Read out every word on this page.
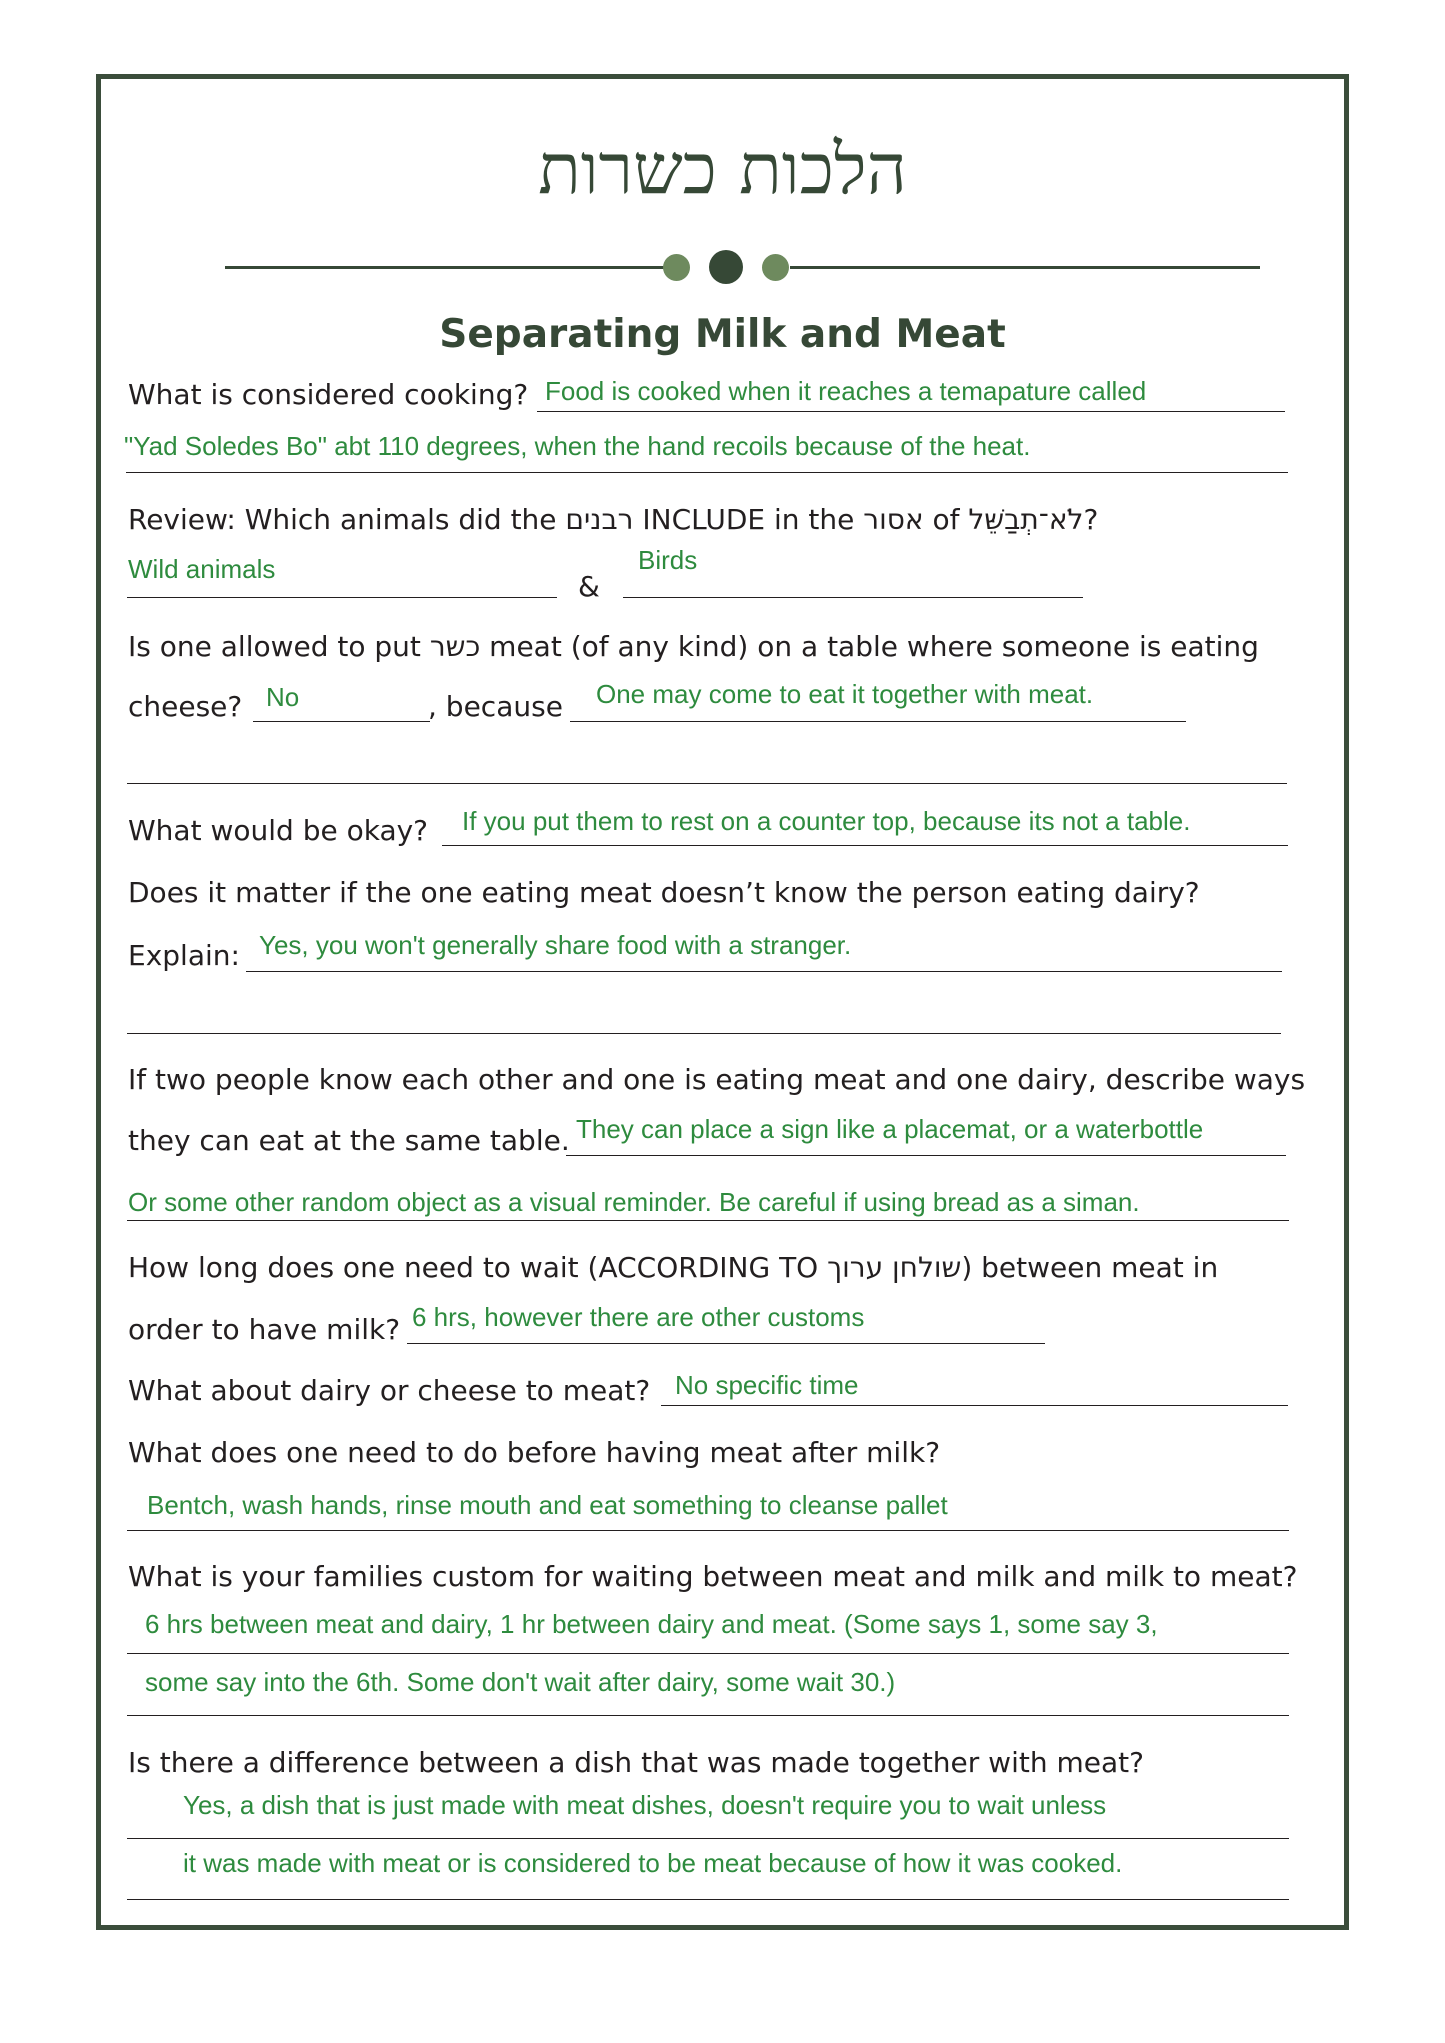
הלכות כשרות
Separating Milk and Meat
What is considered cooking? Food is cooked when it reaches a temapature called
"Yad Soledes Bo" abt 110 degrees, when the hand recoils because of the heat.
Review: Which animals did the רבנים INCLUDE in the אסור of לֹא־תְבַשֵּׁל?
Wild animals
&
Birds
Is one allowed to put כשר meat (of any kind) on a table where someone is eating
cheese? No	, because One may come to eat it together with meat.
What would be okay? If you put them to rest on a counter top, because its not a table.
Does it matter if the one eating meat doesn’t know the person eating dairy?
Explain: Yes, you won't generally share food with a stranger.
If two people know each other and one is eating meat and one dairy, describe ways
they can eat at the same table. They can place a sign like a placemat, or a waterbottle
Or some other random object as a visual reminder. Be careful if using bread as a siman.
How long does one need to wait (ACCORDING TO שולחן ערוך) between meat in
order to have milk? 6 hrs, however there are other customs
What about dairy or cheese to meat? No specific time
What does one need to do before having meat after milk?
Bentch, wash hands, rinse mouth and eat something to cleanse pallet
What is your families custom for waiting between meat and milk and milk to meat?
6 hrs between meat and dairy, 1 hr between dairy and meat. (Some says 1, some say 3,
some say into the 6th. Some don't wait after dairy, some wait 30.)
Is there a difference between a dish that was made together with meat?
Yes, a dish that is just made with meat dishes, doesn't require you to wait unless
it was made with meat or is considered to be meat because of how it was cooked.
